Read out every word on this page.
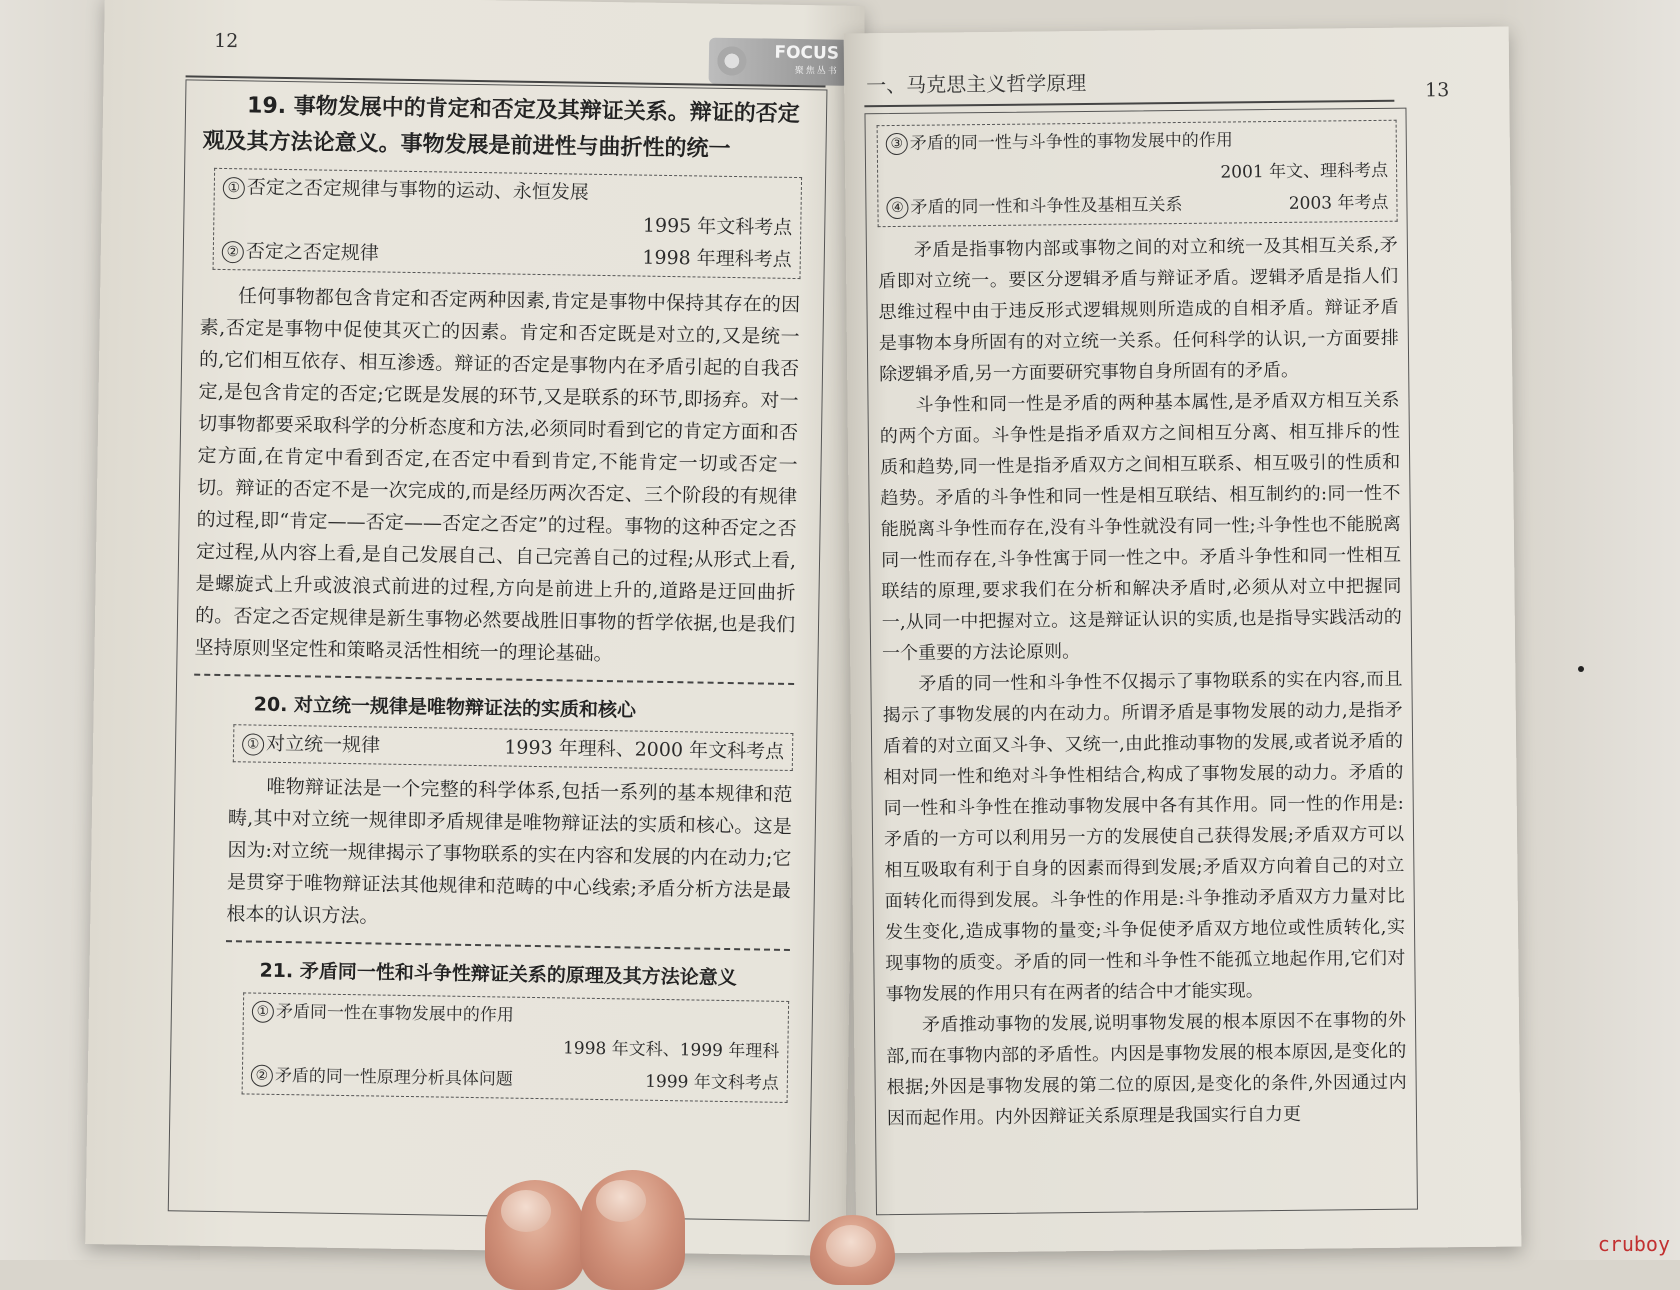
12
FOCUS
聚焦丛书
19. 事物发展中的肯定和否定及其辩证关系。辩证的否定观及其方法论意义。事物发展是前进性与曲折性的统一
① 否定之否定规律与事物的运动、永恒发展
1995 年文科考点
② 否定之否定规律	1998 年理科考点

任何事物都包含肯定和否定两种因素,肯定是事物中保持其存在的因素,否定是事物中促使其灭亡的因素。肯定和否定既是对立的,又是统一的,它们相互依存、相互渗透。辩证的否定是事物内在矛盾引起的自我否定,是包含肯定的否定;它既是发展的环节,又是联系的环节,即扬弃。对一切事物都要采取科学的分析态度和方法,必须同时看到它的肯定方面和否定方面,在肯定中看到否定,在否定中看到肯定,不能肯定一切或否定一切。辩证的否定不是一次完成的,而是经历两次否定、三个阶段的有规律的过程,即“肯定——否定——否定之否定”的过程。事物的这种否定之否定过程,从内容上看,是自己发展自己、自己完善自己的过程;从形式上看,是螺旋式上升或波浪式前进的过程,方向是前进上升的,道路是迂回曲折的。否定之否定规律是新生事物必然要战胜旧事物的哲学依据,也是我们坚持原则坚定性和策略灵活性相统一的理论基础。

20. 对立统一规律是唯物辩证法的实质和核心
① 对立统一规律	1993 年理科、2000 年文科考点

唯物辩证法是一个完整的科学体系,包括一系列的基本规律和范畴,其中对立统一规律即矛盾规律是唯物辩证法的实质和核心。这是因为:对立统一规律揭示了事物联系的实在内容和发展的内在动力;它是贯穿于唯物辩证法其他规律和范畴的中心线索;矛盾分析方法是最根本的认识方法。

21. 矛盾同一性和斗争性辩证关系的原理及其方法论意义
① 矛盾同一性在事物发展中的作用
1998 年文科、1999 年理科
② 矛盾的同一性原理分析具体问题	1999 年文科考点
一、马克思主义哲学原理	13
③ 矛盾的同一性与斗争性的事物发展中的作用
2001 年文、理科考点
④ 矛盾的同一性和斗争性及基相互关系	2003 年考点

矛盾是指事物内部或事物之间的对立和统一及其相互关系,矛盾即对立统一。要区分逻辑矛盾与辩证矛盾。逻辑矛盾是指人们思维过程中由于违反形式逻辑规则所造成的自相矛盾。辩证矛盾是事物本身所固有的对立统一关系。任何科学的认识,一方面要排除逻辑矛盾,另一方面要研究事物自身所固有的矛盾。

斗争性和同一性是矛盾的两种基本属性,是矛盾双方相互关系的两个方面。斗争性是指矛盾双方之间相互分离、相互排斥的性质和趋势,同一性是指矛盾双方之间相互联系、相互吸引的性质和趋势。矛盾的斗争性和同一性是相互联结、相互制约的:同一性不能脱离斗争性而存在,没有斗争性就没有同一性;斗争性也不能脱离同一性而存在,斗争性寓于同一性之中。矛盾斗争性和同一性相互联结的原理,要求我们在分析和解决矛盾时,必须从对立中把握同一,从同一中把握对立。这是辩证认识的实质,也是指导实践活动的一个重要的方法论原则。

矛盾的同一性和斗争性不仅揭示了事物联系的实在内容,而且揭示了事物发展的内在动力。所谓矛盾是事物发展的动力,是指矛盾着的对立面又斗争、又统一,由此推动事物的发展,或者说矛盾的相对同一性和绝对斗争性相结合,构成了事物发展的动力。矛盾的同一性和斗争性在推动事物发展中各有其作用。同一性的作用是:矛盾的一方可以利用另一方的发展使自己获得发展;矛盾双方可以相互吸取有利于自身的因素而得到发展;矛盾双方向着自己的对立面转化而得到发展。斗争性的作用是:斗争推动矛盾双方力量对比发生变化,造成事物的量变;斗争促使矛盾双方地位或性质转化,实现事物的质变。矛盾的同一性和斗争性不能孤立地起作用,它们对事物发展的作用只有在两者的结合中才能实现。

矛盾推动事物的发展,说明事物发展的根本原因不在事物的外部,而在事物内部的矛盾性。内因是事物发展的根本原因,是变化的根据;外因是事物发展的第二位的原因,是变化的条件,外因通过内因而起作用。内外因辩证关系原理是我国实行自力更

cruboy
